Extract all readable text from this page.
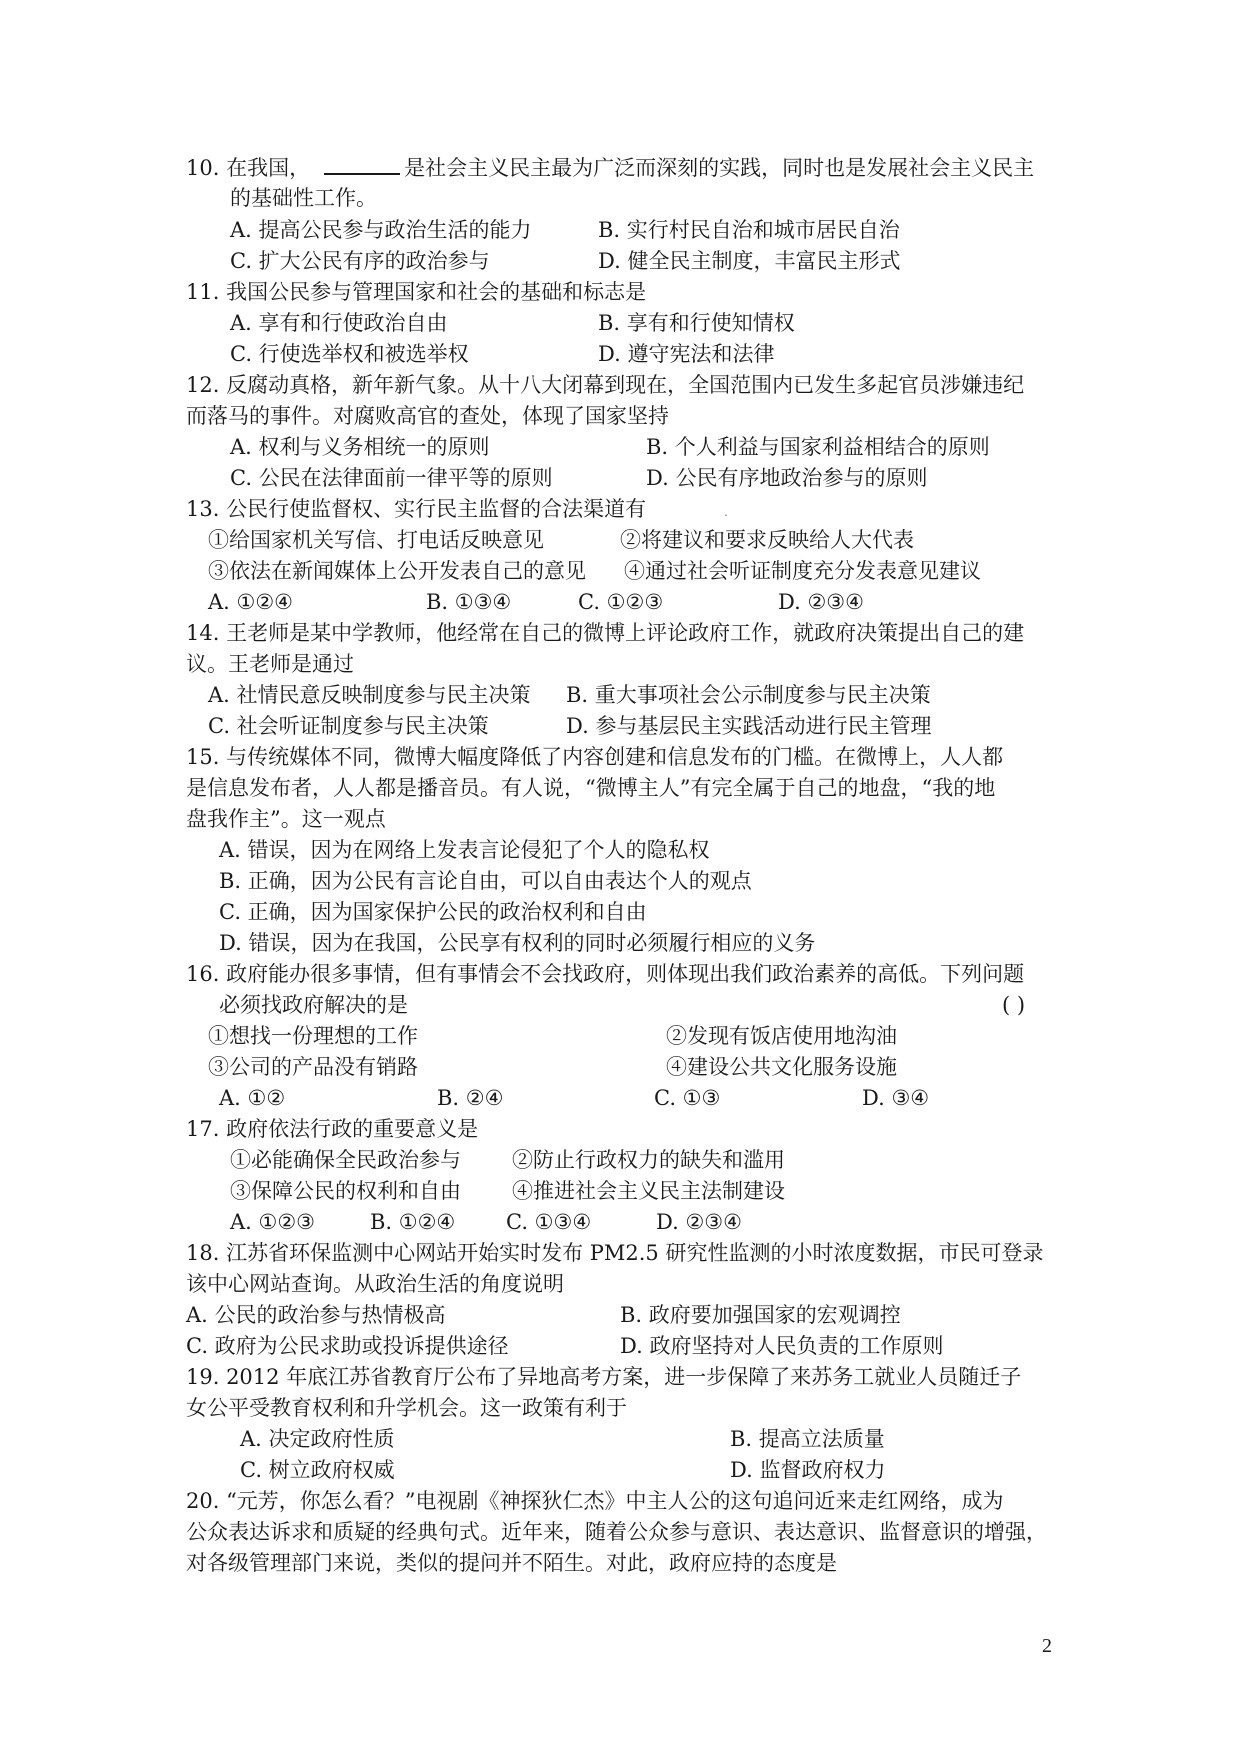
10. 在我国，	是社会主义民主最为广泛而深刻的实践，同时也是发展社会主义民主
的基础性工作。
A. 提高公民参与政治生活的能力	B. 实行村民自治和城市居民自治
C. 扩大公民有序的政治参与	D. 健全民主制度，丰富民主形式
11. 我国公民参与管理国家和社会的基础和标志是
A. 享有和行使政治自由	B. 享有和行使知情权
C. 行使选举权和被选举权	D. 遵守宪法和法律
12. 反腐动真格，新年新气象。从十八大闭幕到现在，全国范围内已发生多起官员涉嫌违纪
而落马的事件。对腐败高官的查处，体现了国家坚持
A. 权利与义务相统一的原则	B. 个人利益与国家利益相结合的原则
C. 公民在法律面前一律平等的原则	D. 公民有序地政治参与的原则
13. 公民行使监督权、实行民主监督的合法渠道有	.
①给国家机关写信、打电话反映意见	②将建议和要求反映给人大代表
③依法在新闻媒体上公开发表自己的意见 ④通过社会听证制度充分发表意见建议
A. ①②④	B. ①③④	C. ①②③	D. ②③④
14. 王老师是某中学教师，他经常在自己的微博上评论政府工作，就政府决策提出自己的建
议。王老师是通过
A. 社情民意反映制度参与民主决策 B. 重大事项社会公示制度参与民主决策
C. 社会听证制度参与民主决策	D. 参与基层民主实践活动进行民主管理
15. 与传统媒体不同，微博大幅度降低了内容创建和信息发布的门槛。在微博上，人人都
是信息发布者，人人都是播音员。有人说，“微博主人”有完全属于自己的地盘，“我的地
盘我作主”。这一观点
A. 错误，因为在网络上发表言论侵犯了个人的隐私权
B. 正确，因为公民有言论自由，可以自由表达个人的观点
C. 正确，因为国家保护公民的政治权利和自由
D. 错误，因为在我国，公民享有权利的同时必须履行相应的义务
16. 政府能办很多事情，但有事情会不会找政府，则体现出我们政治素养的高低。下列问题
必须找政府解决的是	( )
①想找一份理想的工作	②发现有饭店使用地沟油
③公司的产品没有销路	④建设公共文化服务设施
A. ①②	B. ②④	C. ①③	D. ③④
17. 政府依法行政的重要意义是
①必能确保全民政治参与 ②防止行政权力的缺失和滥用
③保障公民的权利和自由 ④推进社会主义民主法制建设
A. ①②③	B. ①②④ C. ①③④	D. ②③④
18. 江苏省环保监测中心网站开始实时发布 PM2.5 研究性监测的小时浓度数据，市民可登录
该中心网站查询。从政治生活的角度说明
A. 公民的政治参与热情极高	B. 政府要加强国家的宏观调控
C. 政府为公民求助或投诉提供途径	D. 政府坚持对人民负责的工作原则
19. 2012 年底江苏省教育厅公布了异地高考方案，进一步保障了来苏务工就业人员随迁子
女公平受教育权利和升学机会。这一政策有利于
A. 决定政府性质	B. 提高立法质量
C. 树立政府权威	D. 监督政府权力
20. “元芳，你怎么看？”电视剧《神探狄仁杰》中主人公的这句追问近来走红网络，成为
公众表达诉求和质疑的经典句式。近年来，随着公众参与意识、表达意识、监督意识的增强，
对各级管理部门来说，类似的提问并不陌生。对此，政府应持的态度是
2
